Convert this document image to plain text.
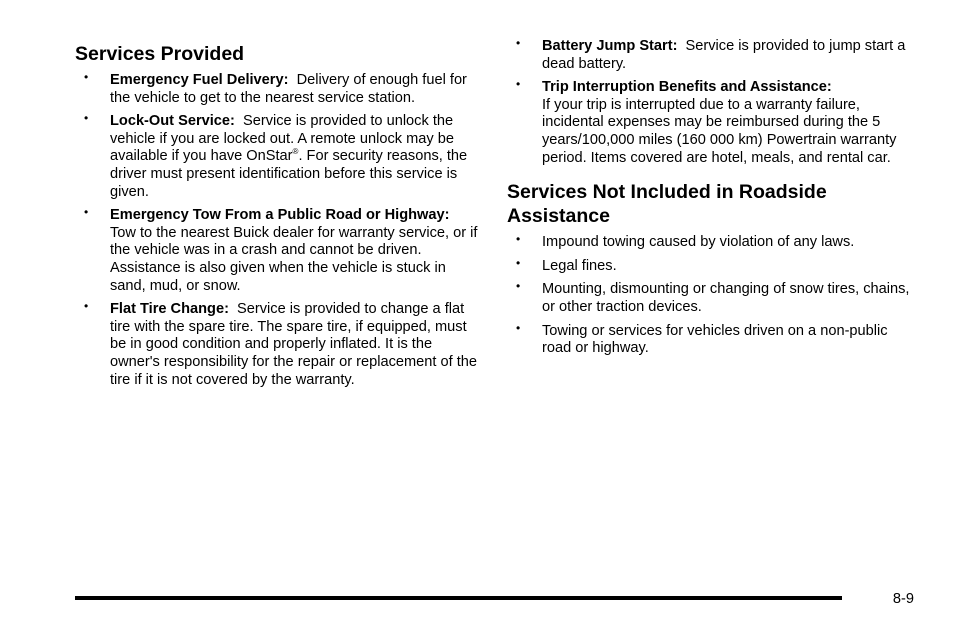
Services Provided
• Emergency Fuel Delivery: Delivery of enough fuel for the vehicle to get to the nearest service station.
• Lock-Out Service: Service is provided to unlock the vehicle if you are locked out. A remote unlock may be available if you have OnStar®. For security reasons, the driver must present identification before this service is given.
• Emergency Tow From a Public Road or Highway:  Tow to the nearest Buick dealer for warranty service, or if the vehicle was in a crash and cannot be driven. Assistance is also given when the vehicle is stuck in sand, mud, or snow.
• Flat Tire Change: Service is provided to change a flat tire with the spare tire. The spare tire, if equipped, must be in good condition and properly inflated. It is the owner's responsibility for the repair or replacement of the tire if it is not covered by the warranty.
• Battery Jump Start: Service is provided to jump start a dead battery.
• Trip Interruption Benefits and Assistance:
If your trip is interrupted due to a warranty failure, incidental expenses may be reimbursed during the 5 years/100,000 miles (160 000 km) Powertrain warranty period. Items covered are hotel, meals, and rental car.
Services Not Included in Roadside Assistance
• Impound towing caused by violation of any laws.
• Legal fines.
• Mounting, dismounting or changing of snow tires, chains, or other traction devices.
• Towing or services for vehicles driven on a non-public road or highway.
8-9
